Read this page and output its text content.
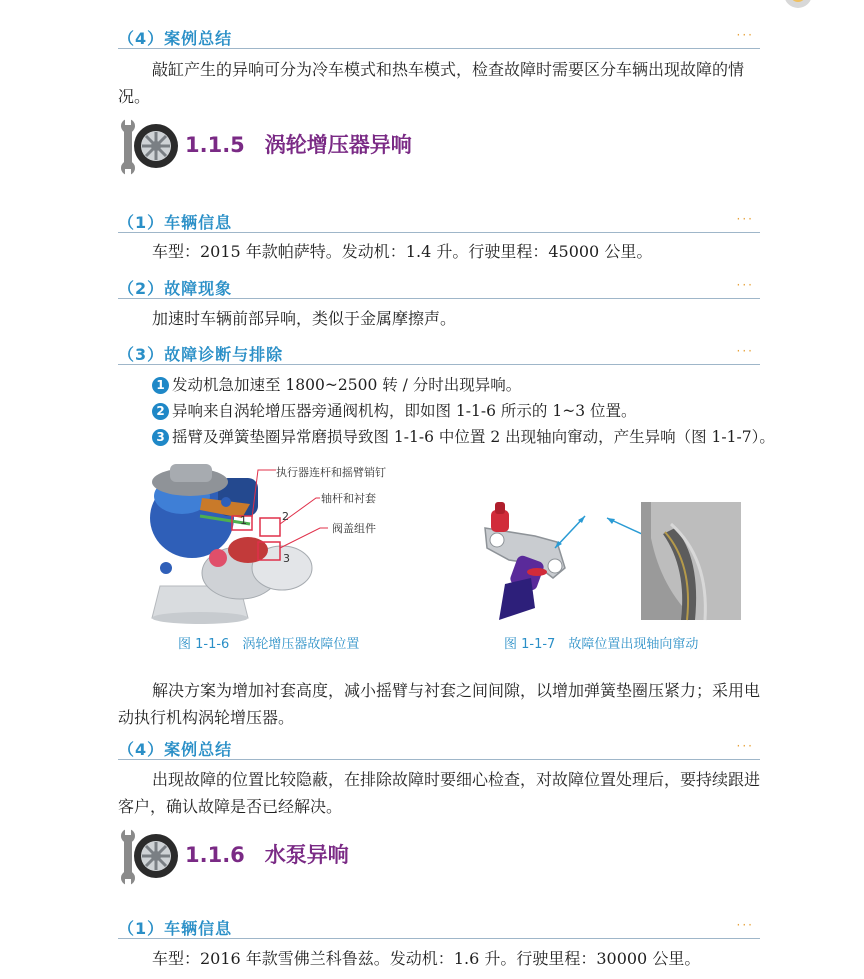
（4）案例总结	···
敲缸产生的异响可分为冷车模式和热车模式，检查故障时需要区分车辆出现故障的情况。
1.1.5 涡轮增压器异响
（1）车辆信息	···
车型：2015 年款帕萨特。发动机：1.4 升。行驶里程：45000 公里。
（2）故障现象	···
加速时车辆前部异响，类似于金属摩擦声。
（3）故障诊断与排除	···
1 发动机急加速至 1800~2500 转 / 分时出现异响。
2 异响来自涡轮增压器旁通阀机构，即如图 1-1-6 所示的 1~3 位置。
3 摇臂及弹簧垫圈异常磨损导致图 1-1-6 中位置 2 出现轴向窜动，产生异响（图 1-1-7）。
1	2
3
执行器连杆和摇臂销钉
轴杆和衬套
阀盖组件
图 1-1-6　涡轮增压器故障位置	图 1-1-7　故障位置出现轴向窜动
解决方案为增加衬套高度，减小摇臂与衬套之间间隙，以增加弹簧垫圈压紧力；采用电动执行机构涡轮增压器。
（4）案例总结	···
出现故障的位置比较隐蔽，在排除故障时要细心检查，对故障位置处理后，要持续跟进客户，确认故障是否已经解决。
1.1.6 水泵异响
（1）车辆信息	···
车型：2016 年款雪佛兰科鲁兹。发动机：1.6 升。行驶里程：30000 公里。
